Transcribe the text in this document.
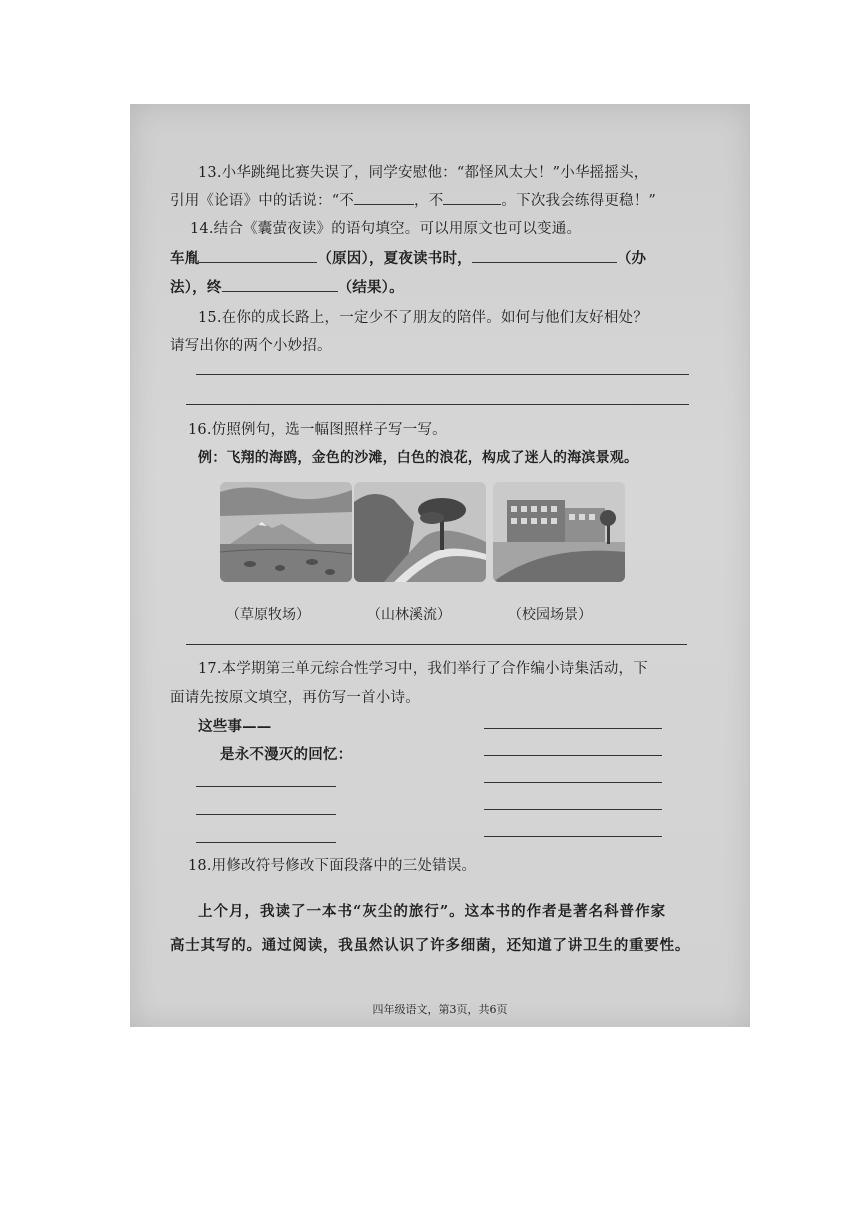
13.小华跳绳比赛失误了，同学安慰他：“都怪风太大！”小华摇摇头，
引用《论语》中的话说：“不	，不	。下次我会练得更稳！”
14.结合《囊萤夜读》的语句填空。可以用原文也可以变通。
车胤	（原因），夏夜读书时，	（办
法），终	（结果）。
15.在你的成长路上，一定少不了朋友的陪伴。如何与他们友好相处？
请写出你的两个小妙招。
16.仿照例句，选一幅图照样子写一写。
例：飞翔的海鸥，金色的沙滩，白色的浪花，构成了迷人的海滨景观。
（草原牧场）	（山林溪流）	（校园场景）
17.本学期第三单元综合性学习中，我们举行了合作编小诗集活动，下
面请先按原文填空，再仿写一首小诗。
这些事——
是永不漫灭的回忆：
18.用修改符号修改下面段落中的三处错误。
上个月，我读了一本书“灰尘的旅行”。这本书的作者是著名科普作家
高士其写的。通过阅读，我虽然认识了许多细菌，还知道了讲卫生的重要性。
四年级语文，第3页，共6页
